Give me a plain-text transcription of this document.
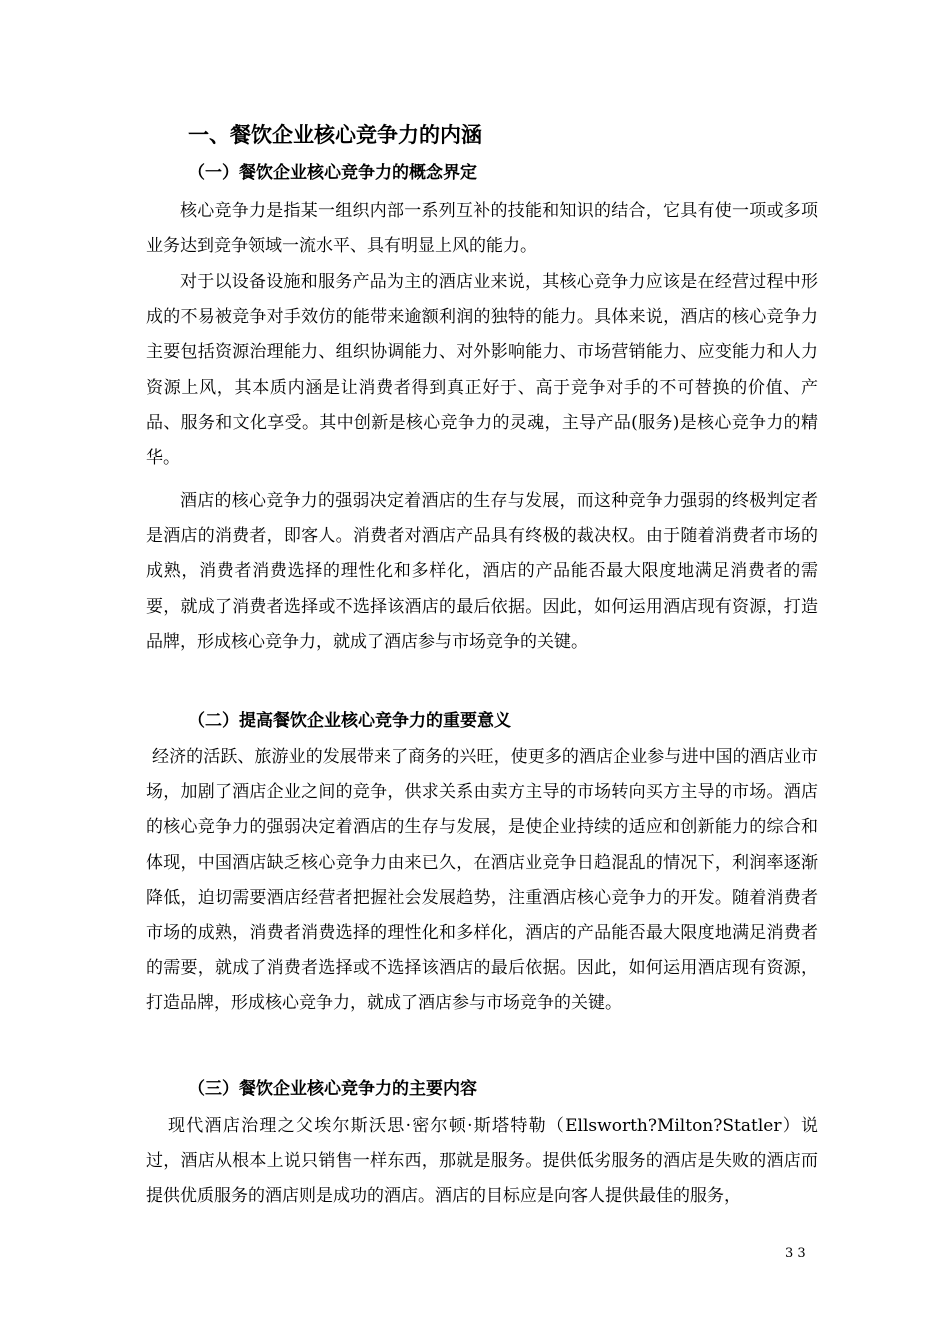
一、餐饮企业核心竞争力的内涵
（一）餐饮企业核心竞争力的概念界定

核心竞争力是指某一组织内部一系列互补的技能和知识的结合，它具有使一项或多项业务达到竞争领域一流水平、具有明显上风的能力。

对于以设备设施和服务产品为主的酒店业来说，其核心竞争力应该是在经营过程中形成的不易被竞争对手效仿的能带来逾额利润的独特的能力。具体来说，酒店的核心竞争力主要包括资源治理能力、组织协调能力、对外影响能力、市场营销能力、应变能力和人力资源上风，其本质内涵是让消费者得到真正好于、高于竞争对手的不可替换的价值、产品、服务和文化享受。其中创新是核心竞争力的灵魂，主导产品(服务)是核心竞争力的精华。

酒店的核心竞争力的强弱决定着酒店的生存与发展，而这种竞争力强弱的终极判定者是酒店的消费者，即客人。消费者对酒店产品具有终极的裁决权。由于随着消费者市场的成熟，消费者消费选择的理性化和多样化，酒店的产品能否最大限度地满足消费者的需要，就成了消费者选择或不选择该酒店的最后依据。因此，如何运用酒店现有资源，打造品牌，形成核心竞争力，就成了酒店参与市场竞争的关键。

（二）提高餐饮企业核心竞争力的重要意义

经济的活跃、旅游业的发展带来了商务的兴旺，使更多的酒店企业参与进中国的酒店业市场，加剧了酒店企业之间的竞争，供求关系由卖方主导的市场转向买方主导的市场。酒店的核心竞争力的强弱决定着酒店的生存与发展，是使企业持续的适应和创新能力的综合和体现，中国酒店缺乏核心竞争力由来已久，在酒店业竞争日趋混乱的情况下，利润率逐渐降低，迫切需要酒店经营者把握社会发展趋势，注重酒店核心竞争力的开发。随着消费者市场的成熟，消费者消费选择的理性化和多样化，酒店的产品能否最大限度地满足消费者的需要，就成了消费者选择或不选择该酒店的最后依据。因此，如何运用酒店现有资源，打造品牌，形成核心竞争力，就成了酒店参与市场竞争的关键。

（三）餐饮企业核心竞争力的主要内容

现代酒店治理之父埃尔斯沃思·密尔顿·斯塔特勒（Ellsworth?Milton?Statler）说过，酒店从根本上说只销售一样东西，那就是服务。提供低劣服务的酒店是失败的酒店而提供优质服务的酒店则是成功的酒店。酒店的目标应是向客人提供最佳的服务，

3 3
